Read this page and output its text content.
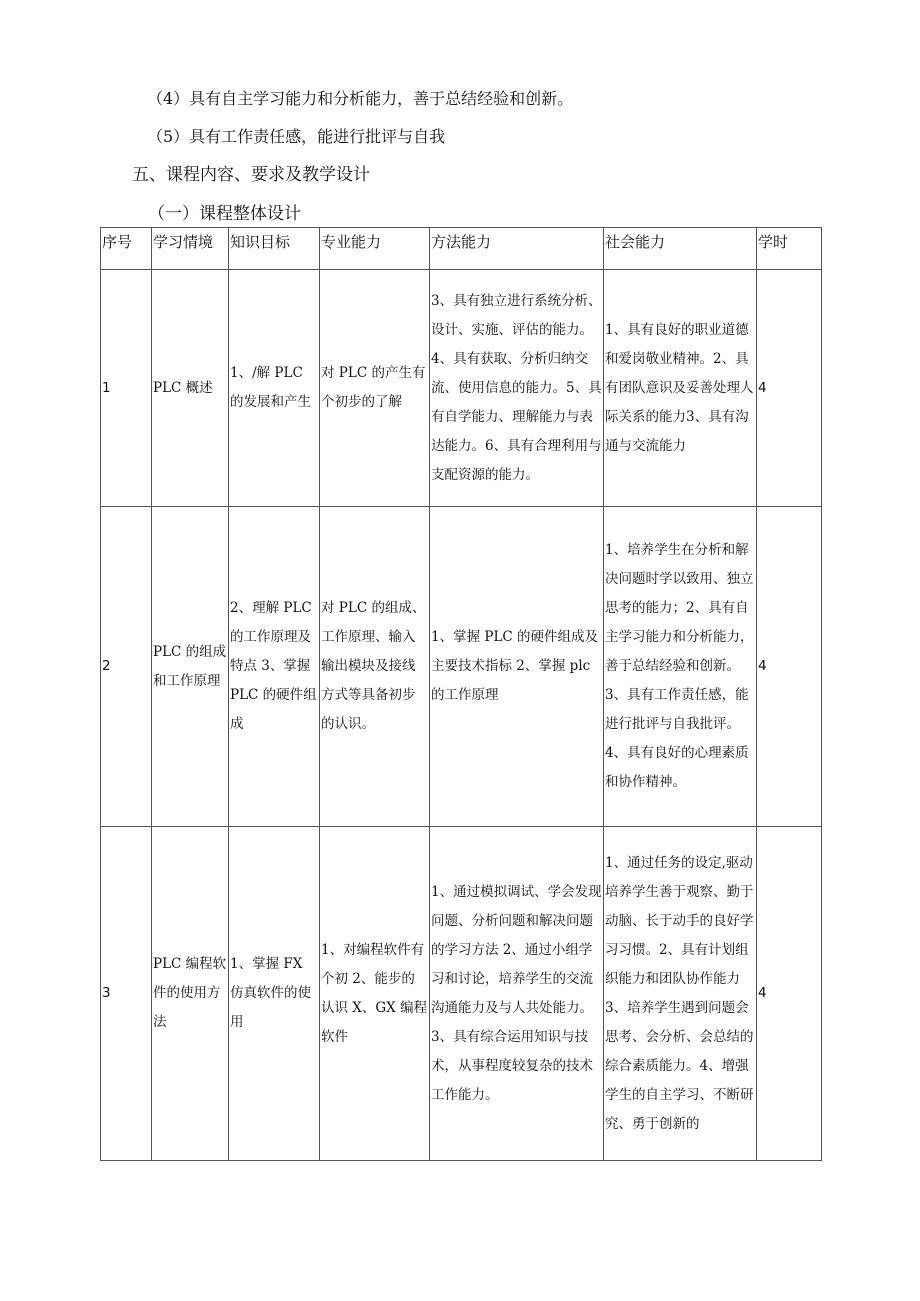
（4）具有自主学习能力和分析能力，善于总结经验和创新。
（5）具有工作责任感，能进行批评与自我
五、课程内容、要求及教学设计
（一）课程整体设计
序号	学习情境	知识目标	专业能力	方法能力	社会能力	学时
1	PLC 概述	1、/解 PLC 的发展和产生	对 PLC 的产生有个初步的了解	3、具有独立进行系统分析、设计、实施、评估的能力。4、具有获取、分析归纳交流、使用信息的能力。5、具有自学能力、理解能力与表达能力。6、具有合理利用与支配资源的能力。	1、具有良好的职业道德和爱岗敬业精神。2、具有团队意识及妥善处理人际关系的能力3、具有沟通与交流能力	4
2	PLC 的组成和工作原理	2、理解 PLC 的工作原理及特点 3、掌握 PLC 的硬件组成	对 PLC 的组成、工作原理、输入输出模块及接线方式等具备初步的认识。	1、掌握 PLC 的硬件组成及主要技术指标 2、掌握 plc 的工作原理	1、培养学生在分析和解决问题时学以致用、独立思考的能力；2、具有自主学习能力和分析能力，善于总结经验和创新。3、具有工作责任感，能进行批评与自我批评。4、具有良好的心理素质和协作精神。	4
3	PLC 编程软件的使用方法	1、掌握 FX 仿真软件的使用	1、对编程软件有个初 2、能步的认识 X、GX 编程软件	1、通过模拟调试、学会发现问题、分析问题和解决问题的学习方法 2、通过小组学习和讨论，培养学生的交流沟通能力及与人共处能力。3、具有综合运用知识与技术，从事程度较复杂的技术工作能力。	1、通过任务的设定,驱动培养学生善于观察、勤于动脑、长于动手的良好学习习惯。2、具有计划组织能力和团队协作能力 3、培养学生遇到问题会思考、会分析、会总结的综合素质能力。4、增强学生的自主学习、不断研究、勇于创新的	4
